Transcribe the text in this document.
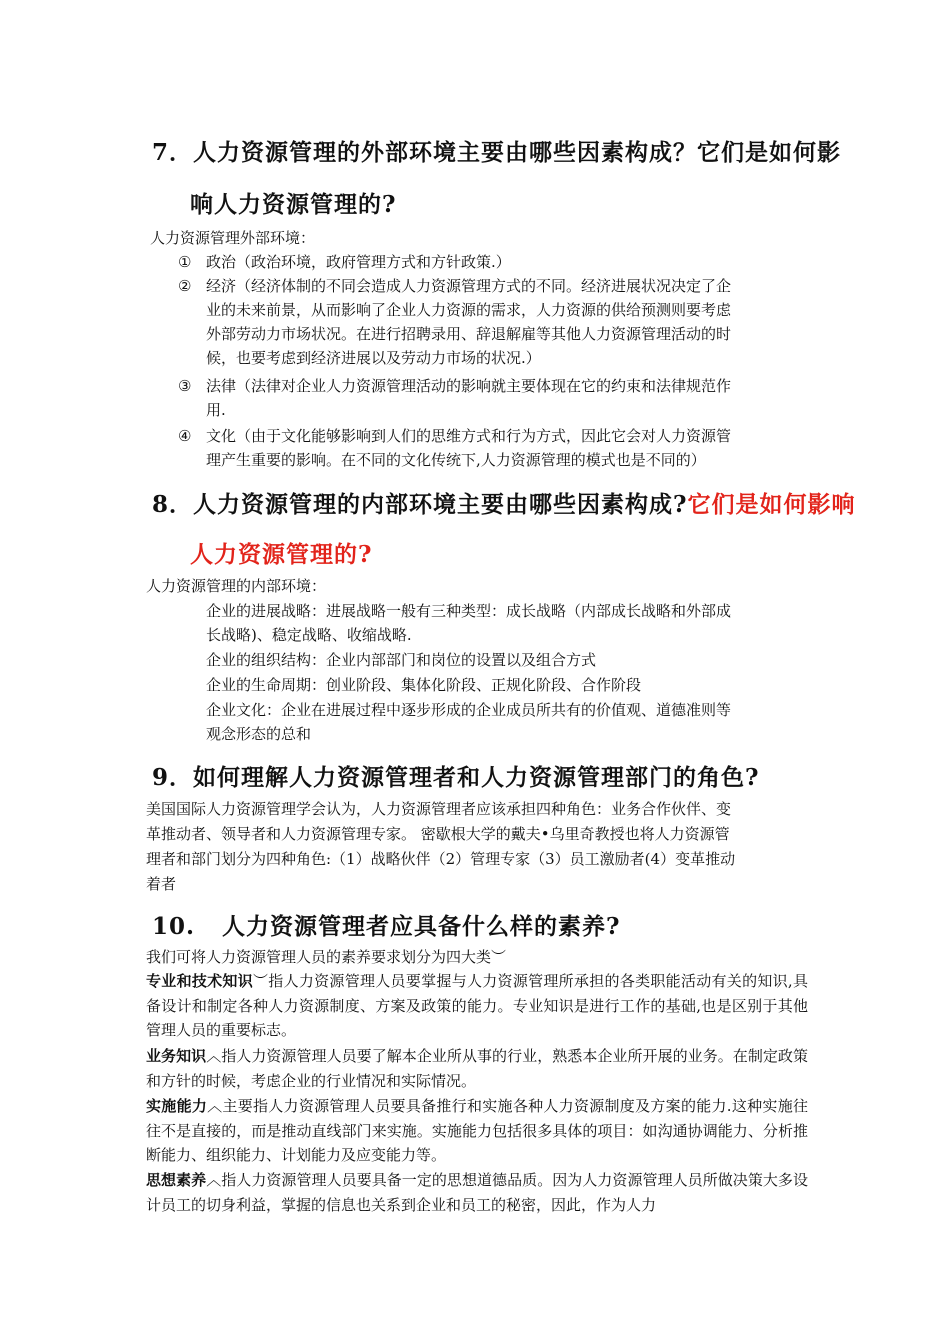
7．人力资源管理的外部环境主要由哪些因素构成？它们是如何影
响人力资源管理的?
人力资源管理外部环境：
① 政治（政治环境，政府管理方式和方针政策.）
② 经济（经济体制的不同会造成人力资源管理方式的不同。经济进展状况决定了企
业的未来前景，从而影响了企业人力资源的需求，人力资源的供给预测则要考虑
外部劳动力市场状况。在进行招聘录用、辞退解雇等其他人力资源管理活动的时
候，也要考虑到经济进展以及劳动力市场的状况.）
③ 法律（法律对企业人力资源管理活动的影响就主要体现在它的约束和法律规范作
用.
④ 文化（由于文化能够影响到人们的思维方式和行为方式，因此它会对人力资源管
理产生重要的影响。在不同的文化传统下,人力资源管理的模式也是不同的）
8．人力资源管理的内部环境主要由哪些因素构成?它们是如何影响
人力资源管理的?
人力资源管理的内部环境：
企业的进展战略：进展战略一般有三种类型：成长战略（内部成长战略和外部成
长战略)、稳定战略、收缩战略.
企业的组织结构：企业内部部门和岗位的设置以及组合方式
企业的生命周期：创业阶段、集体化阶段、正规化阶段、合作阶段
企业文化：企业在进展过程中逐步形成的企业成员所共有的价值观、道德准则等
观念形态的总和
9．如何理解人力资源管理者和人力资源管理部门的角色?
美国国际人力资源管理学会认为，人力资源管理者应该承担四种角色：业务合作伙伴、变
革推动者、领导者和人力资源管理专家。 密歇根大学的戴夫•乌里奇教授也将人力资源管
理者和部门划分为四种角色:（1）战略伙伴（2）管理专家（3）员工激励者(4）变革推动
着者
10.   人力资源管理者应具备什么样的素养?
我们可将人力资源管理人员的素养要求划分为四大类︶
专业和技术知识︶指人力资源管理人员要掌握与人力资源管理所承担的各类职能活动有关的知识,具备设计和制定各种人力资源制度、方案及政策的能力。专业知识是进行工作的基础,也是区别于其他管理人员的重要标志。
业务知识︿指人力资源管理人员要了解本企业所从事的行业，熟悉本企业所开展的业务。在制定政策和方针的时候，考虑企业的行业情况和实际情况。
实施能力︿主要指人力资源管理人员要具备推行和实施各种人力资源制度及方案的能力.这种实施往往不是直接的，而是推动直线部门来实施。实施能力包括很多具体的项目：如沟通协调能力、分析推断能力、组织能力、计划能力及应变能力等。
思想素养︿指人力资源管理人员要具备一定的思想道德品质。因为人力资源管理人员所做决策大多设计员工的切身利益，掌握的信息也关系到企业和员工的秘密，因此，作为人力
